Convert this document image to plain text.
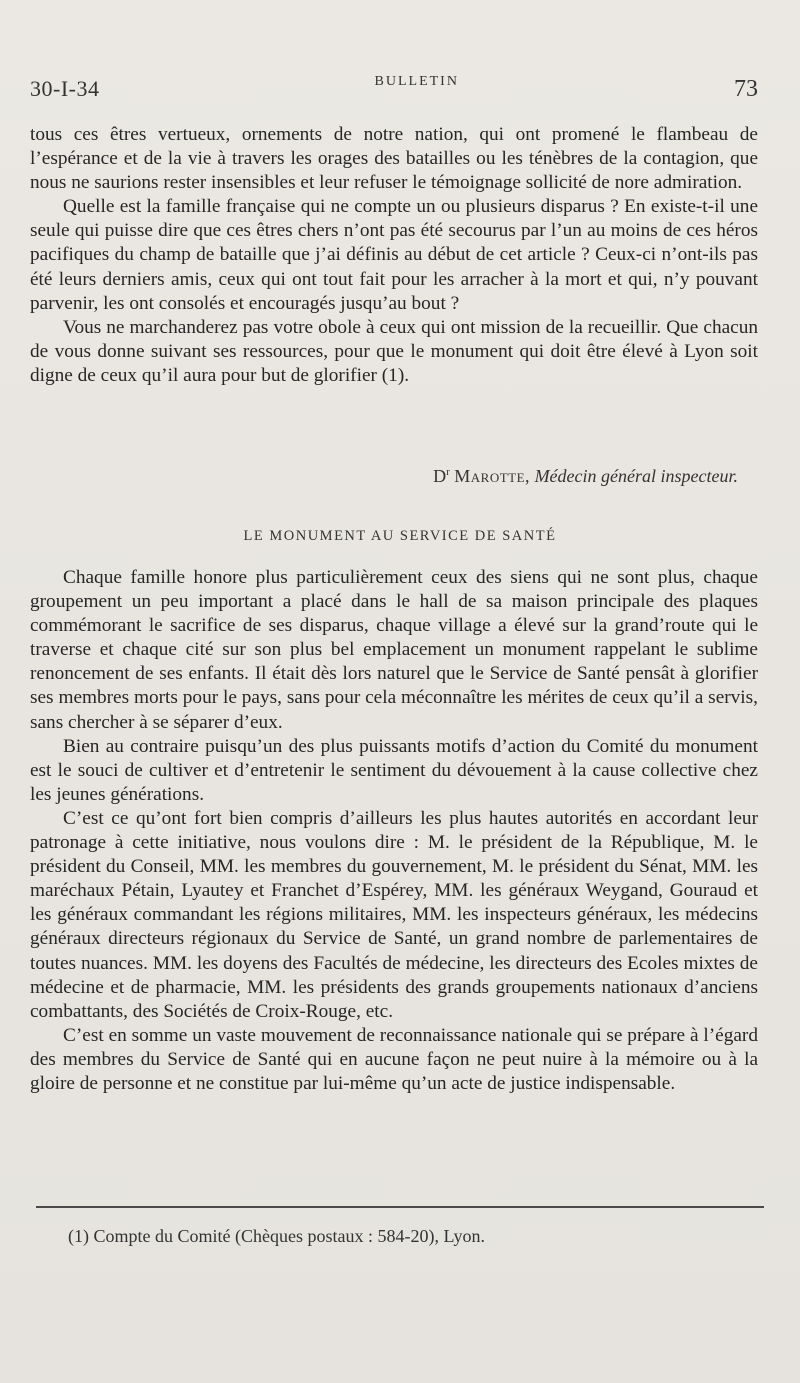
30-I-34	BULLETIN	73

tous ces êtres vertueux, ornements de notre nation, qui ont promené le flambeau de l’espérance et de la vie à travers les orages des batailles ou les ténèbres de la contagion, que nous ne saurions rester insensibles et leur refuser le témoignage sollicité de nore admiration.

Quelle est la famille française qui ne compte un ou plusieurs disparus ? En existe-t-il une seule qui puisse dire que ces êtres chers n’ont pas été secourus par l’un au moins de ces héros pacifiques du champ de bataille que j’ai définis au début de cet article ? Ceux-ci n’ont-ils pas été leurs derniers amis, ceux qui ont tout fait pour les arracher à la mort et qui, n’y pouvant parvenir, les ont consolés et encouragés jusqu’au bout ?

Vous ne marchanderez pas votre obole à ceux qui ont mission de la recueillir. Que chacun de vous donne suivant ses ressources, pour que le monument qui doit être élevé à Lyon soit digne de ceux qu’il aura pour but de glorifier (1).

$D^r$ Marotte, Médecin général inspecteur.
LE MONUMENT AU SERVICE DE SANTÉ

Chaque famille honore plus particulièrement ceux des siens qui ne sont plus, chaque groupement un peu important a placé dans le hall de sa maison principale des plaques commémorant le sacrifice de ses disparus, chaque village a élevé sur la grand’route qui le traverse et chaque cité sur son plus bel emplacement un monument rappelant le sublime renoncement de ses enfants. Il était dès lors naturel que le Service de Santé pensât à glorifier ses membres morts pour le pays, sans pour cela méconnaître les mérites de ceux qu’il a servis, sans chercher à se séparer d’eux.

Bien au contraire puisqu’un des plus puissants motifs d’action du Comité du monument est le souci de cultiver et d’entretenir le sentiment du dévouement à la cause collective chez les jeunes générations.

C’est ce qu’ont fort bien compris d’ailleurs les plus hautes autorités en accordant leur patronage à cette initiative, nous voulons dire : M. le président de la République, M. le président du Conseil, MM. les membres du gouvernement, M. le président du Sénat, MM. les maréchaux Pétain, Lyautey et Franchet d’Espérey, MM. les généraux Weygand, Gouraud et les généraux commandant les régions militaires, MM. les inspecteurs généraux, les médecins généraux directeurs régionaux du Service de Santé, un grand nombre de parlementaires de toutes nuances. MM. les doyens des Facultés de médecine, les directeurs des Ecoles mixtes de médecine et de pharmacie, MM. les présidents des grands groupements nationaux d’anciens combattants, des Sociétés de Croix-Rouge, etc.

C’est en somme un vaste mouvement de reconnaissance nationale qui se prépare à l’égard des membres du Service de Santé qui en aucune façon ne peut nuire à la mémoire ou à la gloire de personne et ne constitue par lui-même qu’un acte de justice indispensable.

(1) Compte du Comité (Chèques postaux : 584-20), Lyon.
